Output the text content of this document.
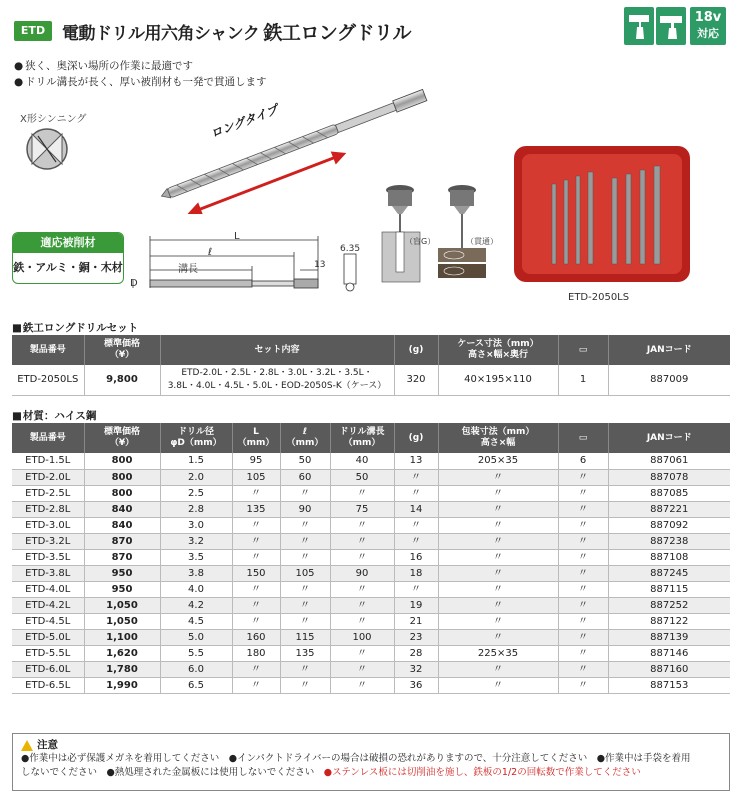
ETD 電動ドリル用六角シャンク 鉄工ロングドリル
18v
対応
● 狭く、奥深い場所の作業に最適です
● ドリル溝長が長く、厚い被削材も一発で貫通します
X形シンニング	ロングタイプ
適応被削材
鉄・アルミ・銅・木材
L
ℓ
溝長
D
6.35
13
（盲G）	（貫通）
ETD-2050LS
■ 鉄工ロングドリルセット
製品番号	標準価格
（¥）	セット内容	(g)	ケース寸法（mm）
高さ×幅×奥行	▭	JANコード
ETD-2050LS	9,800	ETD-2.0L・2.5L・2.8L・3.0L・3.2L・3.5L・
3.8L・4.0L・4.5L・5.0L・EOD-2050S-K（ケース）	320	40×195×110	1	887009
■ 材質：ハイス鋼
製品番号	標準価格
（¥）	ドリル径
φD（mm）	L
（mm）	ℓ
（mm）	ドリル溝長
（mm）	(g)	包装寸法（mm）
高さ×幅	▭	JANコード
ETD-1.5L	800	1.5	95	50	40	13	205×35	6	887061
ETD-2.0L	800	2.0	105	60	50	〃	〃	〃	887078
ETD-2.5L	800	2.5	〃	〃	〃	〃	〃	〃	887085
ETD-2.8L	840	2.8	135	90	75	14	〃	〃	887221
ETD-3.0L	840	3.0	〃	〃	〃	〃	〃	〃	887092
ETD-3.2L	870	3.2	〃	〃	〃	〃	〃	〃	887238
ETD-3.5L	870	3.5	〃	〃	〃	16	〃	〃	887108
ETD-3.8L	950	3.8	150	105	90	18	〃	〃	887245
ETD-4.0L	950	4.0	〃	〃	〃	〃	〃	〃	887115
ETD-4.2L	1,050	4.2	〃	〃	〃	19	〃	〃	887252
ETD-4.5L	1,050	4.5	〃	〃	〃	21	〃	〃	887122
ETD-5.0L	1,100	5.0	160	115	100	23	〃	〃	887139
ETD-5.5L	1,620	5.5	180	135	〃	28	225×35	〃	887146
ETD-6.0L	1,780	6.0	〃	〃	〃	32	〃	〃	887160
ETD-6.5L	1,990	6.5	〃	〃	〃	36	〃	〃	887153
注意
●作業中は必ず保護メガネを着用してください　●インパクトドライバーの場合は破損の恐れがありますので、十分注意してください　●作業中は手袋を着用
しないでください　●熱処理された金属板には使用しないでください　●ステンレス板には切削油を施し、鉄板の1/2の回転数で作業してください
